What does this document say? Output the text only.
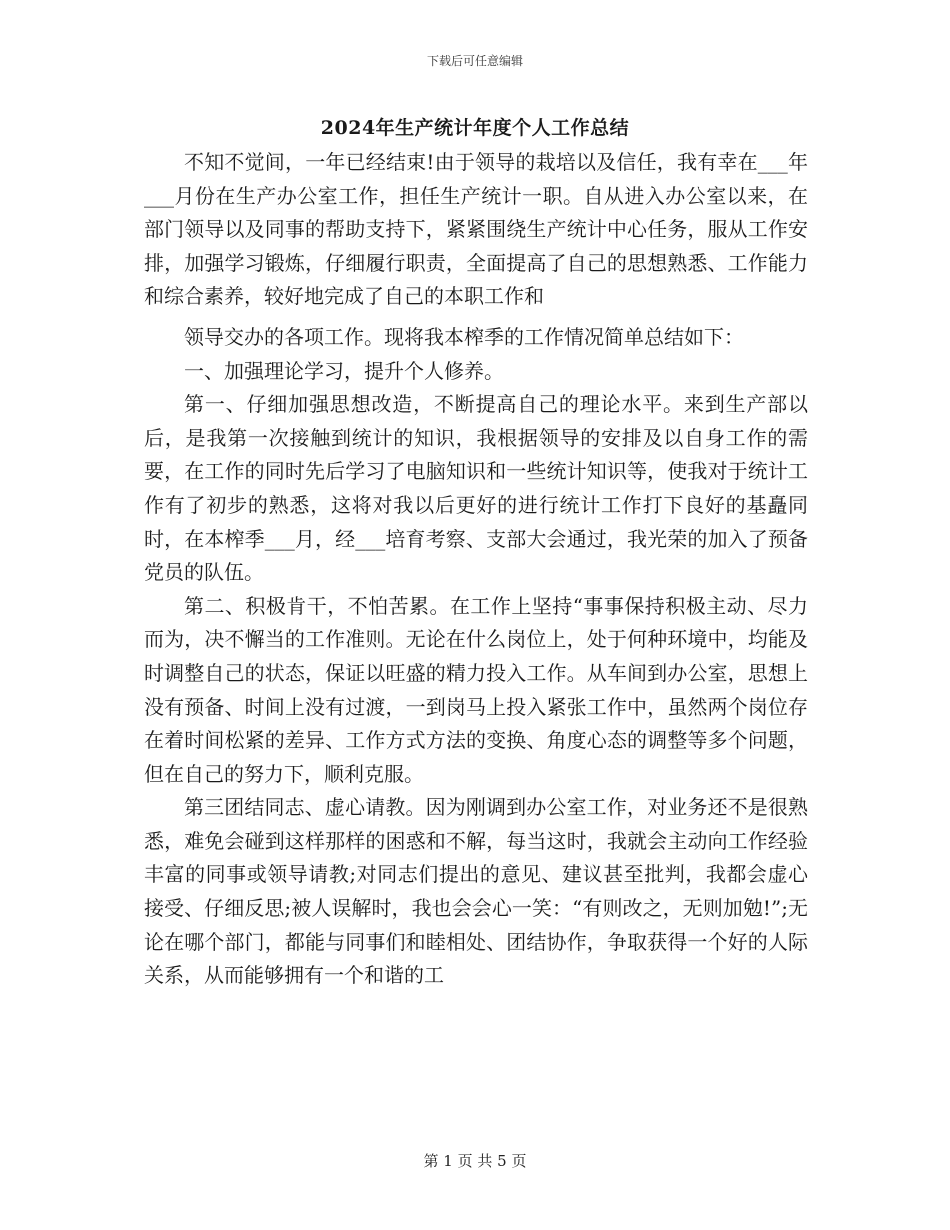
下载后可任意编辑
2024年生产统计年度个人工作总结

不知不觉间，一年已经结束!由于领导的栽培以及信任，我有幸在___年___月份在生产办公室工作，担任生产统计一职。自从进入办公室以来，在部门领导以及同事的帮助支持下，紧紧围绕生产统计中心任务，服从工作安排，加强学习锻炼，仔细履行职责，全面提高了自己的思想熟悉、工作能力和综合素养，较好地完成了自己的本职工作和

领导交办的各项工作。现将我本榨季的工作情况简单总结如下：

一、加强理论学习，提升个人修养。

第一、仔细加强思想改造，不断提高自己的理论水平。来到生产部以后，是我第一次接触到统计的知识，我根据领导的安排及以自身工作的需要，在工作的同时先后学习了电脑知识和一些统计知识等，使我对于统计工作有了初步的熟悉，这将对我以后更好的进行统计工作打下良好的基矗同时，在本榨季___月，经___培育考察、支部大会通过，我光荣的加入了预备党员的队伍。

第二、积极肯干，不怕苦累。在工作上坚持“事事保持积极主动、尽力而为，决不懈当的工作准则。无论在什么岗位上，处于何种环境中，均能及时调整自己的状态，保证以旺盛的精力投入工作。从车间到办公室，思想上没有预备、时间上没有过渡，一到岗马上投入紧张工作中，虽然两个岗位存在着时间松紧的差异、工作方式方法的变换、角度心态的调整等多个问题，但在自己的努力下，顺利克服。

第三团结同志、虚心请教。因为刚调到办公室工作，对业务还不是很熟悉，难免会碰到这样那样的困惑和不解，每当这时，我就会主动向工作经验丰富的同事或领导请教;对同志们提出的意见、建议甚至批判，我都会虚心接受、仔细反思;被人误解时，我也会会心一笑：“有则改之，无则加勉!”;无论在哪个部门，都能与同事们和睦相处、团结协作，争取获得一个好的人际关系，从而能够拥有一个和谐的工

第 1 页 共 5 页
